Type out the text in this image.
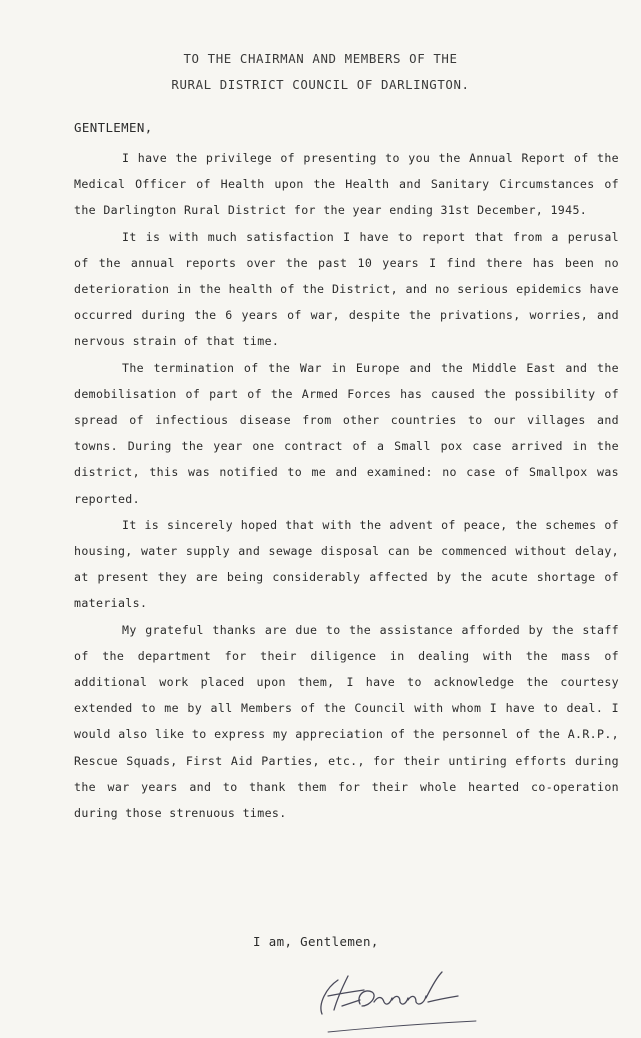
TO THE CHAIRMAN AND MEMBERS OF THE
RURAL DISTRICT COUNCIL OF DARLINGTON.
GENTLEMEN,

I have the privilege of presenting to you the Annual Report of the Medical Officer of Health upon the Health and Sanitary Circumstances of the Darlington Rural District for the year ending 31st December, 1945.

It is with much satisfaction I have to report that from a perusal of the annual reports over the past 10 years I find there has been no deterioration in the health of the District, and no serious epidemics have occurred during the 6 years of war, despite the privations, worries, and nervous strain of that time.

The termination of the War in Europe and the Middle East and the demobilisation of part of the Armed Forces has caused the possibility of spread of infectious disease from other countries to our villages and towns. During the year one contract of a Small pox case arrived in the district, this was notified to me and examined: no case of Smallpox was reported.

It is sincerely hoped that with the advent of peace, the schemes of housing, water supply and sewage disposal can be commenced without delay, at present they are being considerably affected by the acute shortage of materials.

My grateful thanks are due to the assistance afforded by the staff of the department for their diligence in dealing with the mass of additional work placed upon them, I have to acknowledge the courtesy extended to me by all Members of the Council with whom I have to deal. I would also like to express my appreciation of the personnel of the A.R.P., Rescue Squads, First Aid Parties, etc., for their untiring efforts during the war years and to thank them for their whole hearted co-operation during those strenuous times.

I am, Gentlemen,
